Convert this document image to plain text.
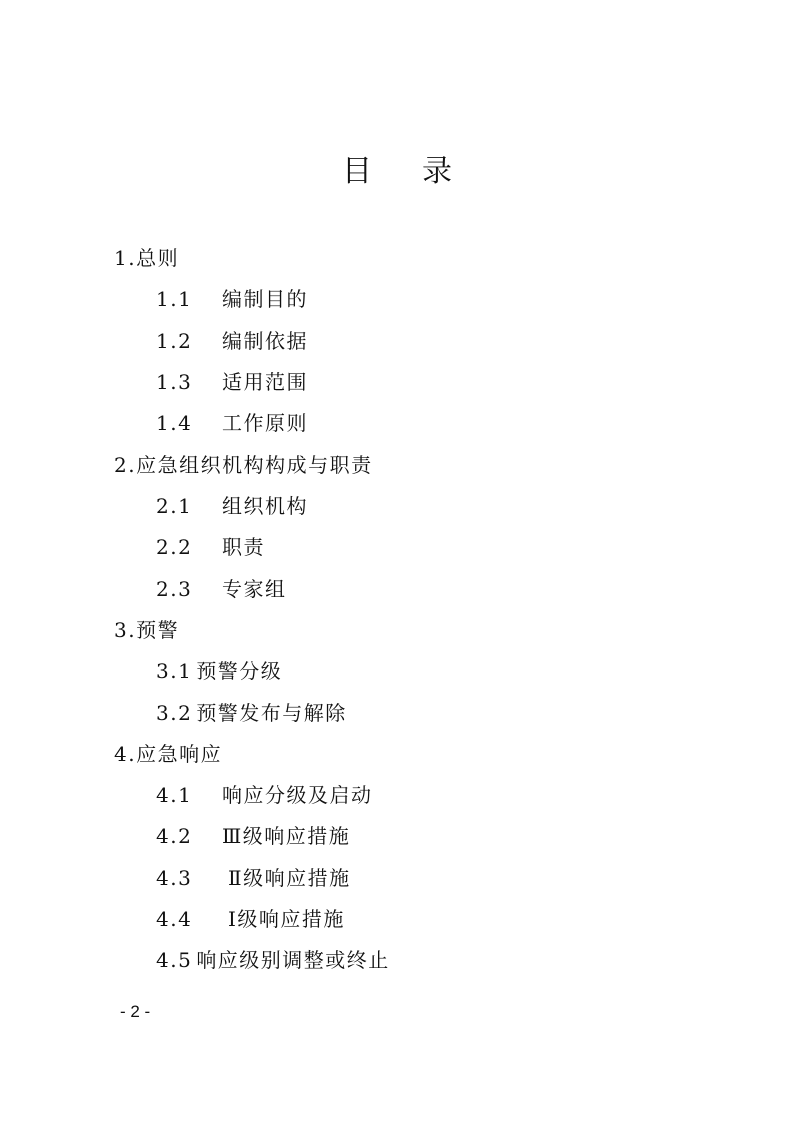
目 录
1.总则
1.1 编制目的
1.2 编制依据
1.3 适用范围
1.4 工作原则
2.应急组织机构构成与职责
2.1 组织机构
2.2 职责
2.3 专家组
3.预警
3.1 预警分级
3.2 预警发布与解除
4.应急响应
4.1 响应分级及启动
4.2 Ⅲ级响应措施
4.3 Ⅱ级响应措施
4.4 Ⅰ级响应措施
4.5 响应级别调整或终止
- 2 -
